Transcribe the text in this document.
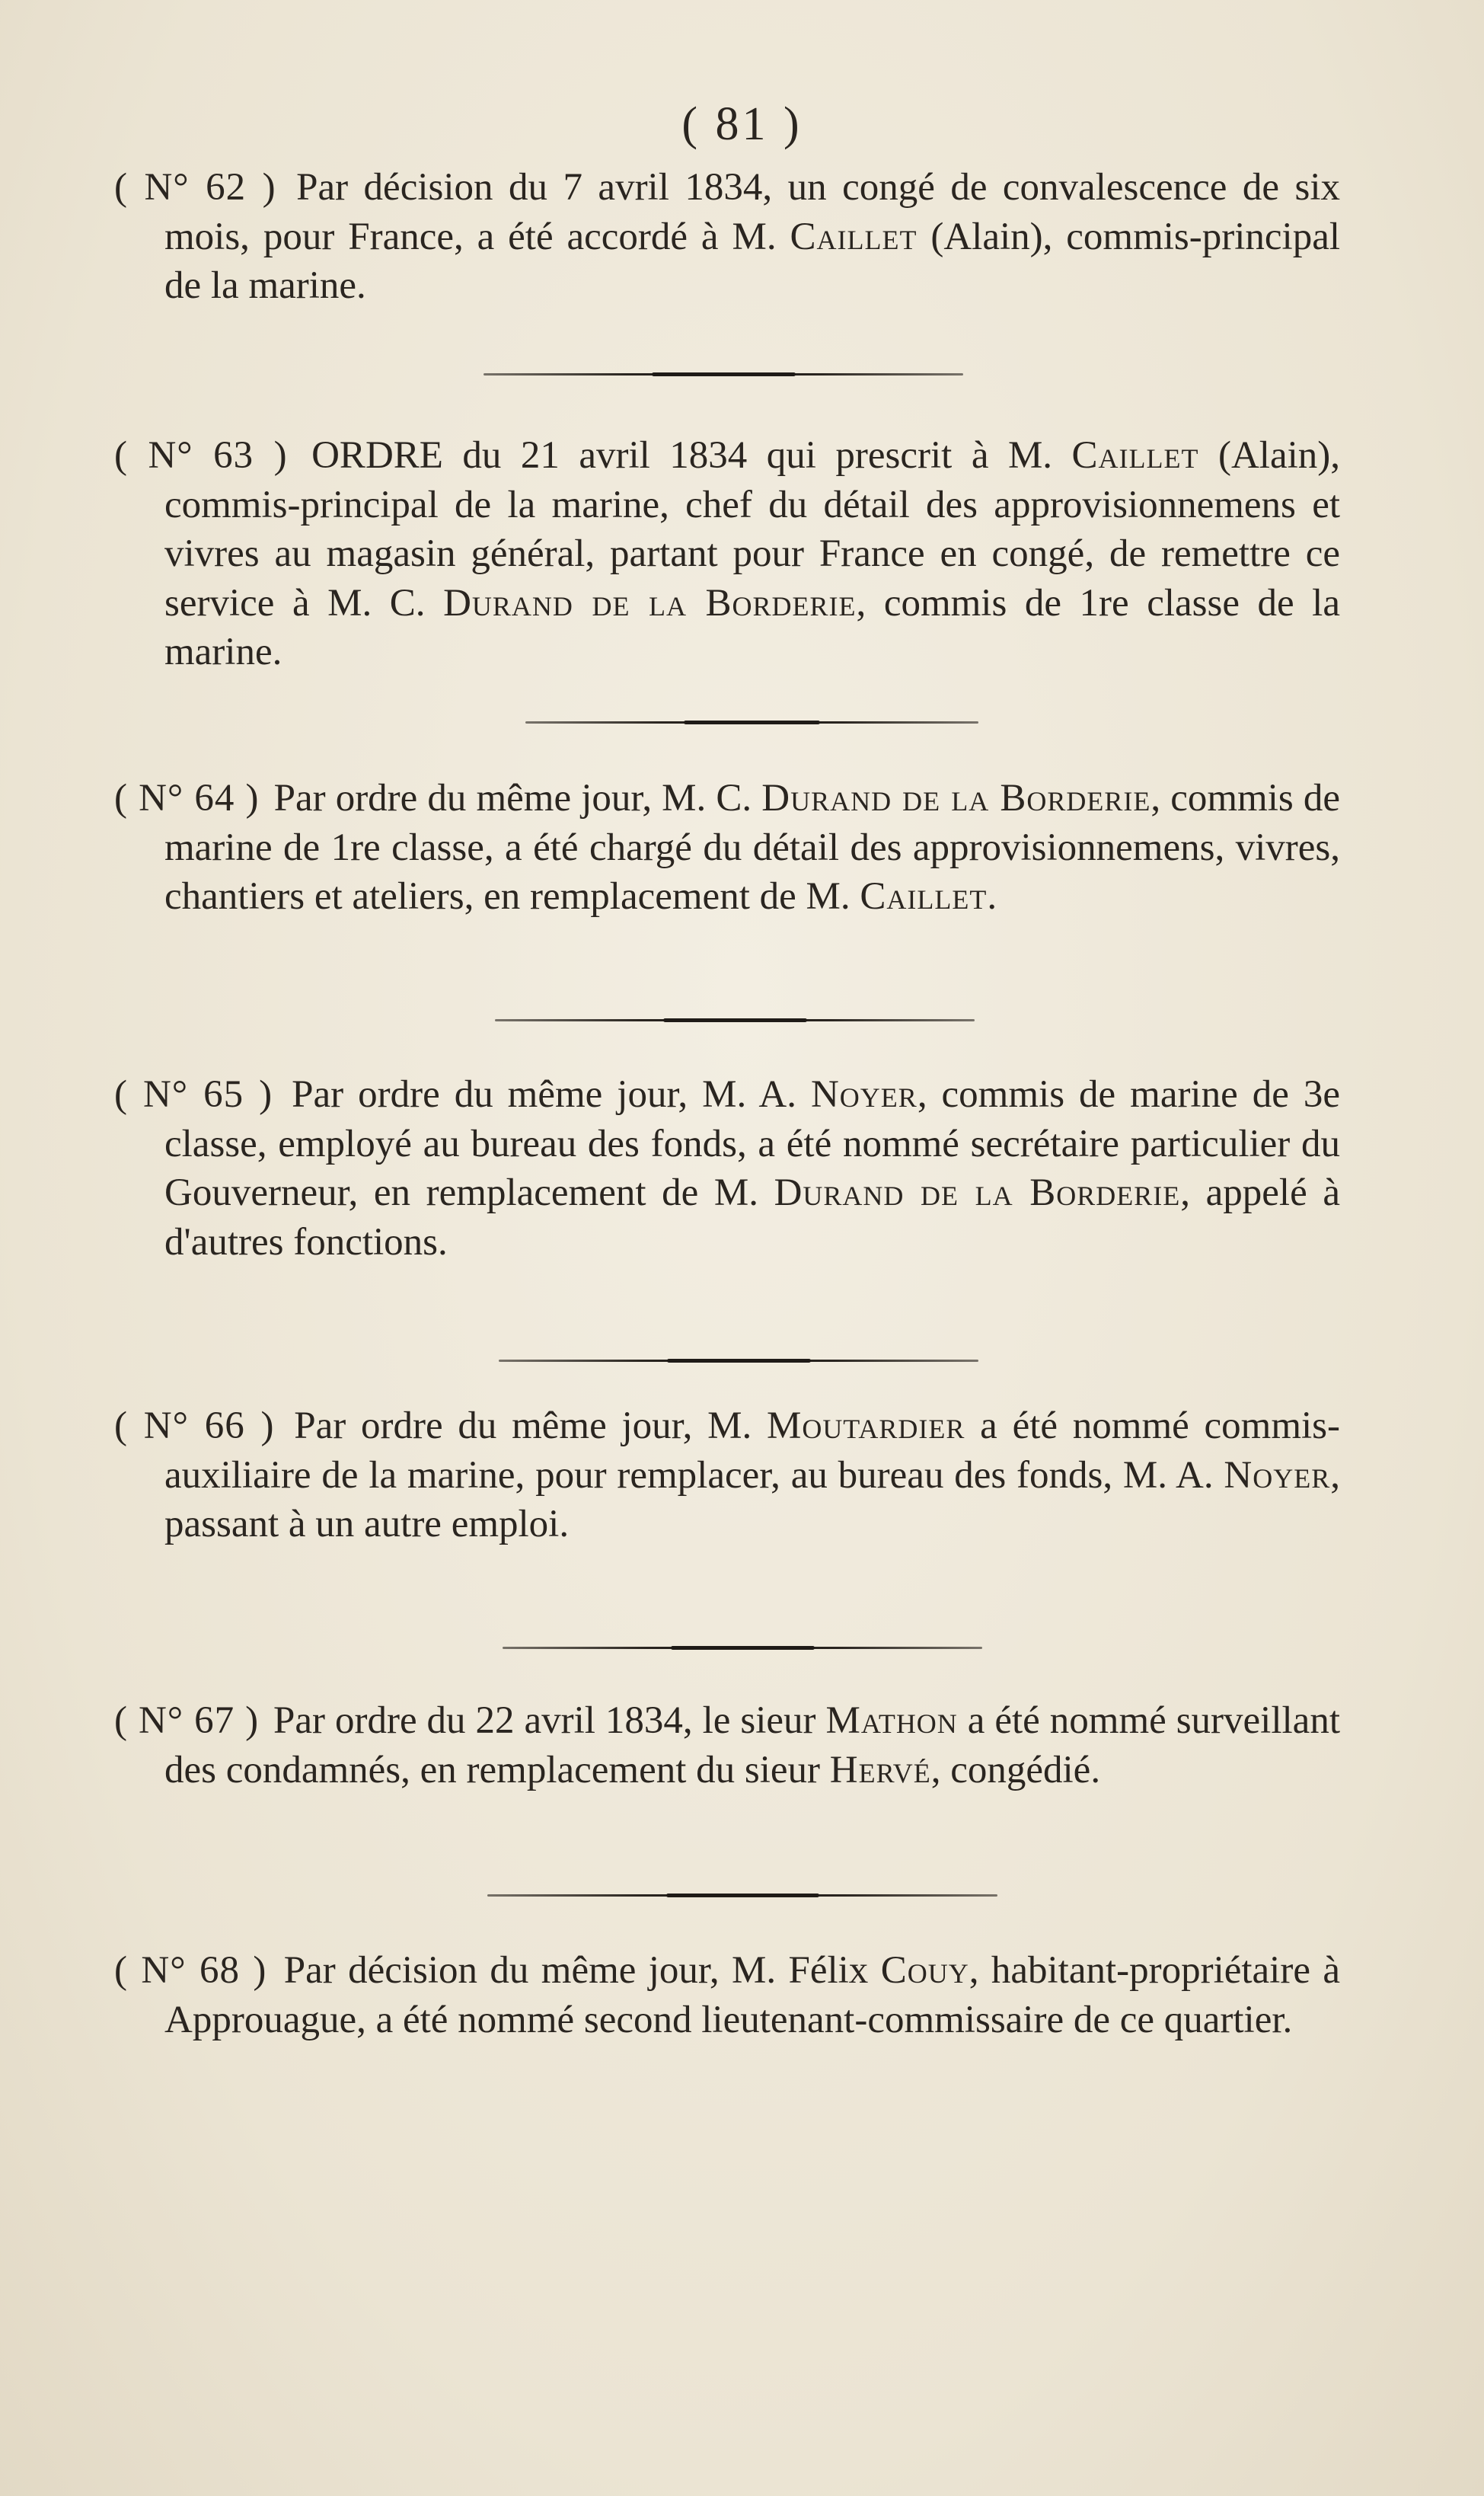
( 81 )

( N° 62 ) Par décision du 7 avril 1834, un congé de convalescence de six mois, pour France, a été accordé à M. Caillet (Alain), commis-principal de la marine.

( N° 63 ) ORDRE du 21 avril 1834 qui prescrit à M. Caillet (Alain), commis-principal de la marine, chef du détail des approvisionnemens et vivres au magasin général, partant pour France en congé, de remettre ce service à M. C. Durand de la Borderie, commis de 1re classe de la marine.

( N° 64 ) Par ordre du même jour, M. C. Durand de la Borderie, commis de marine de 1re classe, a été chargé du détail des approvisionnemens, vivres, chantiers et ateliers, en remplacement de M. Caillet.

( N° 65 ) Par ordre du même jour, M. A. Noyer, commis de marine de 3e classe, employé au bureau des fonds, a été nommé secrétaire particulier du Gouverneur, en remplacement de M. Durand de la Borderie, appelé à d'autres fonctions.

( N° 66 ) Par ordre du même jour, M. Moutardier a été nommé commis-auxiliaire de la marine, pour remplacer, au bureau des fonds, M. A. Noyer, passant à un autre emploi.

( N° 67 ) Par ordre du 22 avril 1834, le sieur Mathon a été nommé surveillant des condamnés, en remplacement du sieur Hervé, congédié.

( N° 68 ) Par décision du même jour, M. Félix Couy, habitant-propriétaire à Approuague, a été nommé second lieutenant-commissaire de ce quartier.
